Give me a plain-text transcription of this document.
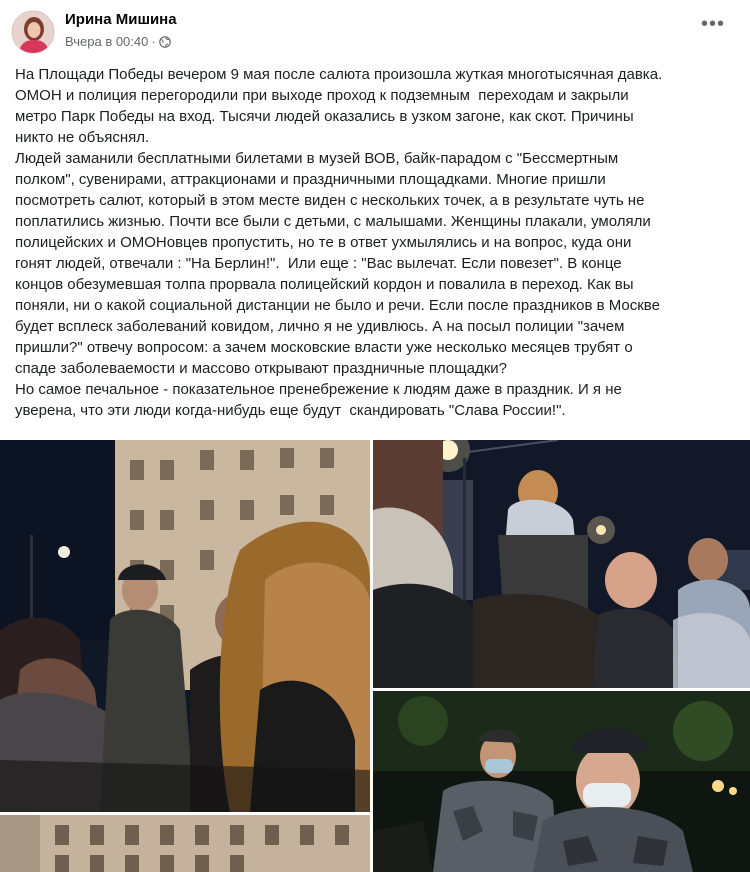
Ирина Мишина
Вчера в 00:40 ·
•••
На Площади Победы вечером 9 мая после салюта произошла жуткая многотысячная давка.
ОМОН и полиция перегородили при выходе проход к подземным  переходам и закрыли
метро Парк Победы на вход. Тысячи людей оказались в узком загоне, как скот. Причины
никто не объяснял.
Людей заманили бесплатными билетами в музей ВОВ, байк-парадом с "Бессмертным
полком", сувенирами, аттракционами и праздничными площадками. Многие пришли
посмотреть салют, который в этом месте виден с нескольких точек, а в результате чуть не
поплатились жизнью. Почти все были с детьми, с малышами. Женщины плакали, умоляли
полицейских и ОМОНовцев пропустить, но те в ответ ухмылялись и на вопрос, куда они
гонят людей, отвечали : "На Берлин!".  Или еще : "Вас вылечат. Если повезет". В конце
концов обезумевшая толпа прорвала полицейский кордон и повалила в переход. Как вы
поняли, ни о какой социальной дистанции не было и речи. Если после праздников в Москве
будет всплеск заболеваний ковидом, лично я не удивлюсь. А на посыл полиции "зачем
пришли?" отвечу вопросом: а зачем московские власти уже несколько месяцев трубят о
спаде заболеваемости и массово открывают праздничные площадки?
Но самое печальное - показательное пренебрежение к людям даже в праздник. И я не
уверена, что эти люди когда-нибудь еще будут  скандировать "Слава России!".
